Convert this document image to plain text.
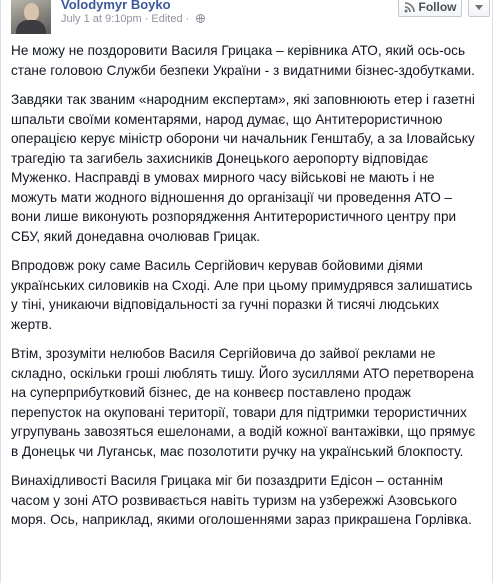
Volodymyr Boyko
July 1 at 9:10pm · Edited ·
Follow

Не можу не поздоровити Василя Грицака – керівника АТО, який ось-ось стане головою Служби безпеки України - з видатними бізнес-здобутками.

Завдяки так званим «народним експертам», які заповнюють етер і газетні шпальти своїми коментарями, народ думає, що Антитерористичною операцією керує міністр оборони чи начальник Генштабу, а за Іловайську трагедію та загибель захисників Донецького аеропорту відповідає Муженко. Насправді в умовах мирного часу військові не мають і не можуть мати жодного відношення до організації чи проведення АТО – вони лише виконують розпорядження Антитерористичного центру при СБУ, який донедавна очолював Грицак.

Впродовж року саме Василь Сергійович керував бойовими діями українських силовиків на Сході. Але при цьому примудрявся залишатись у тіні, уникаючи відповідальності за гучні поразки й тисячі людських жертв.

Втім, зрозуміти нелюбов Василя Сергійовича до зайвої реклами не складно, оскільки гроші люблять тишу. Його зусиллями АТО перетворена на суперприбутковий бізнес, де на конвеєр поставлено продаж перепусток на окуповані території, товари для підтримки терористичних угрупувань завозяться ешелонами, а водій кожної вантажівки, що прямує в Донецьк чи Луганськ, має позолотити ручку на український блокпосту.

Винахідливості Василя Грицака міг би позаздрити Едісон – останнім часом у зоні АТО розвивається навіть туризм на узбережжі Азовського моря. Ось, наприклад, якими оголошеннями зараз прикрашена Горлівка.
